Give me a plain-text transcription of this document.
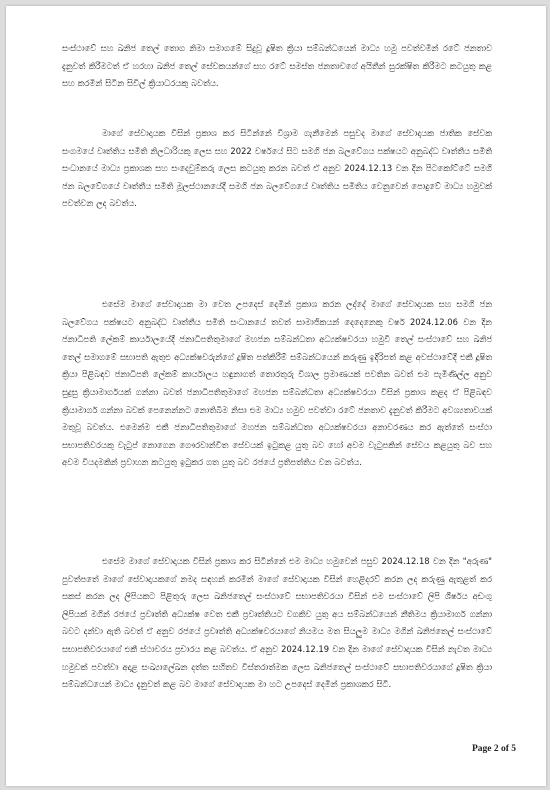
සංස්ථාවේ සහ ඛනිජ තෙල් තොග නිමා සමාගමේ සිදුවූ දූෂිත ක්‍රියා සම්බන්ධයෙන් මාධ්‍ය හමු පවත්වමින් රටේ ජනතාව දැනුවත් කිරීමටත් ඒ හරහා ඛනිජ තෙල් සේවකයන්ගේ සහ රටේ සමස්ත ජනතාවගේ අයිතීන් සුරක්ෂිත කිරීමට කටයුතු කළ සහ කරමින් සිටින සිවිල් ක්‍රියාධරයකු බවත්ය.

මාගේ සේවාදායක විසින් ප්‍රකාශ කර සිටින්නේ විශ්‍රාම ගැනීමෙන් පසුවද මාගේ සේවාදායක ජාතික සේවක සංගමයේ වෘත්තිය සමිති නිලධාරියකු ලෙස සහ 2022 වර්ෂයේ සිට සමගි ජන බලවේගය පක්ෂයට අනුබද්ධ වෘත්තීය සමිති සංධානයේ මාධ්‍ය ප්‍රකාශක සහ සංදෙවුම්කරු ලෙස කටයුතු කරන බවත් ඒ අනුව 2024.12.13 වන දින පිටකෝට්ටේ සමගි ජන බලවේගයේ වෘත්තීය සමිති මූලස්ථානයේදී සමගි ජන බලවේගයේ වෘත්තිය සමිතිය වෙනුවෙන් පොදුවේ මාධ්‍ය හමුවක් පවත්වන ලද බවත්ය.

එසේම මාගේ සේවාදායක මා වෙත උපදෙස් දෙමින් ප්‍රකාශ කරන ලද්දේ මාගේ සේවාදායක සහ සමගි ජන බලවේගය පක්ෂයට අනුබද්ධ වෘත්තීය සමිති සංධානයේ තවත් සාමාජිකයන් දෙදෙනෙකු වර්ෂ 2024.12.06 වන දින ජනාධිපති ලේකම් කාර්යාලයේදී ජනාධිපතිතුමාගේ මහජන සම්බන්ධතා අධ්‍යක්ෂවරයා හමුවී තෙල් සංස්ථාවේ සහ ඛනිජ තෙල් සමාගමේ සභාපති ඇතුළු අධ්‍යක්ෂවරුන්ගේ දූෂිත පත්කිරීම් සම්බන්ධයෙන් කරුණු ඉදිරිපත් කළ අවස්ථාවේදී එකී දූෂිත ක්‍රියා පිළිබඳව ජනාධිපති ලේකම් කාර්යාලය හඳුනාගත් තොරතුරු විශාල ප්‍රමාණයක් පවතින බවත් එම පැමිණිල්ල අනුව සුදුසු ක්‍රියාමාර්ගයක් ගන්නා බවත් ජනාධිපතිතුමාගේ මහජන සම්බන්ධතා අධ්‍යක්ෂවරයා විසින් ප්‍රකාශ කළද ඒ පිළිබඳව ක්‍රියාමාර්ග ගන්නා බවක් පෙනෙන්නට නොතිබීම නිසා එම මාධ්‍ය හමුව පවත්වා රටේ ජනතාව දැනුවත් කිරීමට අවශ්‍යතාවයක් මතුවූ බවත්ය. එමෙන්ම එකී ජනාධිපතිතුමාගේ මහජන සම්බන්ධතා අධ්‍යක්ෂවරයා අනාවරණය කර ඇත්තේ සංස්ථා සභාපතිවරයකු වැටුප් නොගෙන ගෞරවාන්විත සේවයක් ඉටුකළ යුතු බව හෝ අවම වැටුපකින් සේවය කළයුතු බව සහ අවම වියදමකින් ප්‍රවාහන කටයුතු ඉටුකර ගත යුතු බව රජයේ ප්‍රතිපත්තිය වන බවත්ය.

එසේම මාගේ සේවාදායක විසින් ප්‍රකාශ කර සිටින්නේ එම මාධ්‍ය හමුවෙන් පසුව 2024.12.18 වන දින "අරුණ" පුවත්පතේ මාගේ සේවාදායකගේ නමද සඳහන් කරමින් මාගේ සේවාදායක විසින් හෙළිදරව් කරන ලද කරුණු ඇතුළත් කර සකස් කරන ලද ලිපියකට පිළිතුරු ලෙස ඛනිජතෙල් සංස්ථාවේ සභාපතිවරයා විසින් එම සංස්ථාවේ ලිපි ශීර්ෂය අඩංගු ලිපියක් මගින් රජයේ ප්‍රවෘත්ති අධ්‍යක්ෂ වෙත එකී ප්‍රවෘත්තියට වගකිව යුතු අය සම්බන්ධයෙන් නීතිමය ක්‍රියාමාර්ග ගන්නා බවට දන්වා ඇති බවත් ඒ අනුව රජයේ ප්‍රවෘත්ති අධ්‍යක්ෂවරයාගේ නියමය මත සියලුම මාධ්‍ය මගින් ඛනිජතෙල් සංස්ථාවේ සභාපතිවරයාගේ එකී ස්ථාවරය ප්‍රචාරය කළ බවත්ය. ඒ අනුව 2024.12.19 වන දින මාගේ සේවාදායක විසින් නැවත මාධ්‍ය හමුවක් පවත්වා අදාළ සංඛ්‍යාලේඛන දත්ත සහිතව විස්තරාත්මක ලෙස ඛනිජතෙල් සංස්ථාවේ සභාපතිවරයාගේ දූෂිත ක්‍රියා සම්බන්ධයෙන් මාධ්‍ය දැනුවත් කළ බව මාගේ සේවාදායක මා හට උපදෙස් දෙමින් ප්‍රකාශකර සිටී.

Page 2 of 5
